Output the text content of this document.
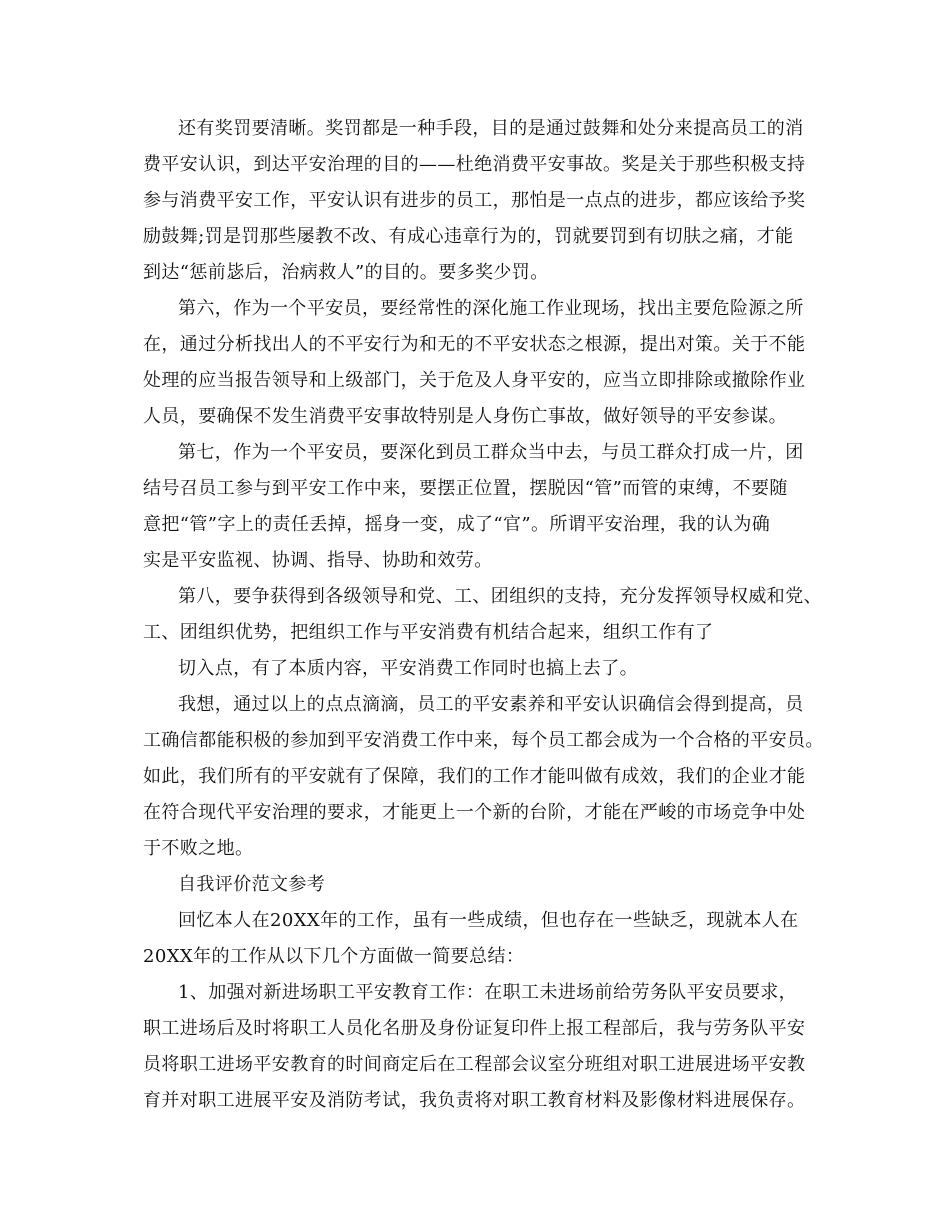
还有奖罚要清晰。奖罚都是一种手段，目的是通过鼓舞和处分来提高员工的消
费平安认识，到达平安治理的目的——杜绝消费平安事故。奖是关于那些积极支持
参与消费平安工作，平安认识有进步的员工，那怕是一点点的进步，都应该给予奖
励鼓舞;罚是罚那些屡教不改、有成心违章行为的，罚就要罚到有切肤之痛，才能
到达“惩前毖后，治病救人”的目的。要多奖少罚。
第六，作为一个平安员，要经常性的深化施工作业现场，找出主要危险源之所
在，通过分析找出人的不平安行为和无的不平安状态之根源，提出对策。关于不能
处理的应当报告领导和上级部门，关于危及人身平安的，应当立即排除或撤除作业
人员，要确保不发生消费平安事故特别是人身伤亡事故，做好领导的平安参谋。
第七，作为一个平安员，要深化到员工群众当中去，与员工群众打成一片，团
结号召员工参与到平安工作中来，要摆正位置，摆脱因“管”而管的束缚，不要随
意把“管”字上的责任丢掉，摇身一变，成了“官”。所谓平安治理，我的认为确
实是平安监视、协调、指导、协助和效劳。
第八，要争获得到各级领导和党、工、团组织的支持，充分发挥领导权威和党、
工、团组织优势，把组织工作与平安消费有机结合起来，组织工作有了
切入点，有了本质内容，平安消费工作同时也搞上去了。
我想，通过以上的点点滴滴，员工的平安素养和平安认识确信会得到提高，员
工确信都能积极的参加到平安消费工作中来，每个员工都会成为一个合格的平安员。
如此，我们所有的平安就有了保障，我们的工作才能叫做有成效，我们的企业才能
在符合现代平安治理的要求，才能更上一个新的台阶，才能在严峻的市场竞争中处
于不败之地。
自我评价范文参考
回忆本人在20XX年的工作，虽有一些成绩，但也存在一些缺乏，现就本人在
20XX年的工作从以下几个方面做一简要总结：
1、加强对新进场职工平安教育工作：在职工未进场前给劳务队平安员要求，
职工进场后及时将职工人员化名册及身份证复印件上报工程部后，我与劳务队平安
员将职工进场平安教育的时间商定后在工程部会议室分班组对职工进展进场平安教
育并对职工进展平安及消防考试，我负责将对职工教育材料及影像材料进展保存。
